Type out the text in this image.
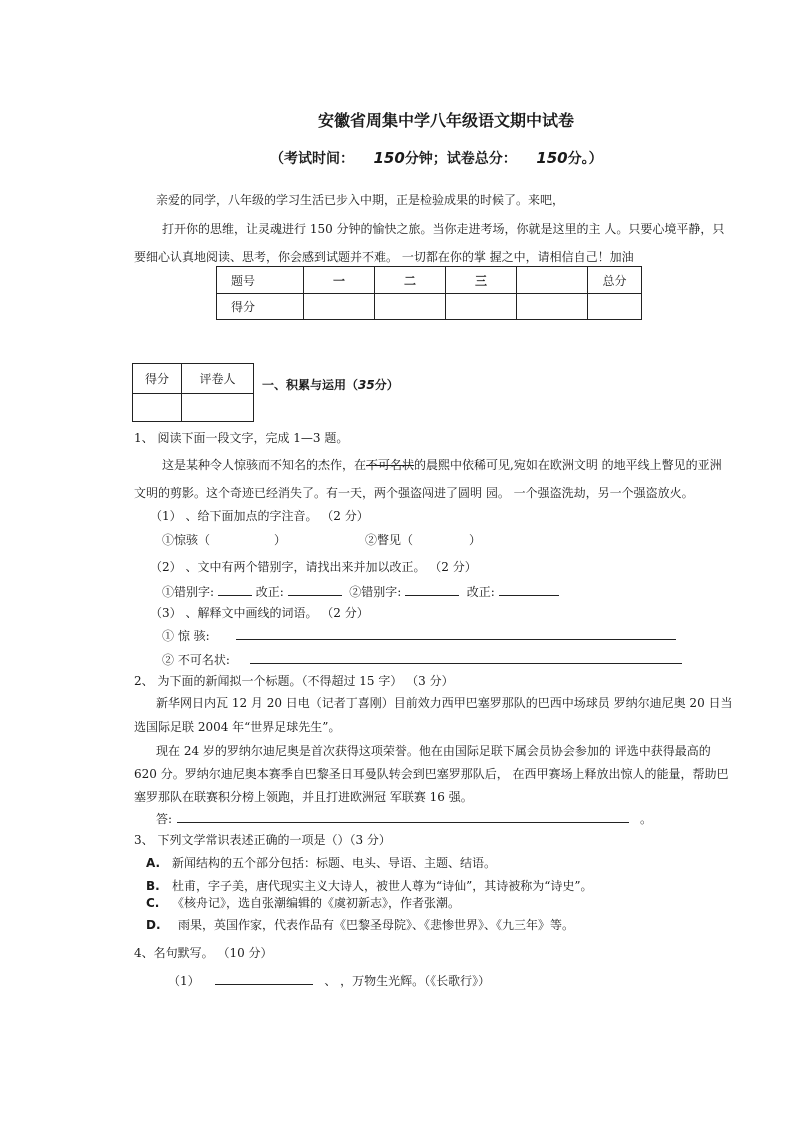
安徽省周集中学八年级语文期中试卷
（考试时间： 150分钟；试卷总分： 150分。）
亲爱的同学，八年级的学习生活已步入中期，正是检验成果的时候了。来吧，
打开你的思维，让灵魂进行 150 分钟的愉快之旅。当你走进考场，你就是这里的主 人。只要心境平静，只
要细心认真地阅读、思考，你会感到试题并不难。 一切都在你的掌 握之中，请相信自己！加油
题号	一	二	三		总分
得分					
得分	评卷人
	一、积累与运用（35分）
1、 阅读下面一段文字，完成 1—3 题。
这是某种令人惊骇而不知名的杰作，在不可名状的晨熙中依稀可见,宛如在欧洲文明 的地平线上瞥见的亚洲
文明的剪影。这个奇迹已经消失了。有一天，两个强盗闯进了圆明 园。 一个强盗洗劫，另一个强盗放火。
（1） 、给下面加点的字注音。 （2 分）
①惊骇（	）	②瞥见（	）
（2） 、文中有两个错别字，请找出来并加以改正。 （2 分）
①错别字:	改正:	②错别字:	改正:
（3） 、解释文中画线的词语。 （2 分）
① 惊 骇:
② 不可名状:
2、 为下面的新闻拟一个标题。（不得超过 15 字） （3 分）
新华网日内瓦 12 月 20 日电（记者丁喜刚）目前效力西甲巴塞罗那队的巴西中场球员 罗纳尔迪尼奥 20 日当
选国际足联 2004 年“世界足球先生”。
现在 24 岁的罗纳尔迪尼奥是首次获得这项荣誉。他在由国际足联下属会员协会参加的 评选中获得最高的
620 分。罗纳尔迪尼奥本赛季自巴黎圣日耳曼队转会到巴塞罗那队后， 在西甲赛场上释放出惊人的能量，帮助巴
塞罗那队在联赛积分榜上领跑，并且打进欧洲冠 军联赛 16 强。
答:	。
3、 下列文学常识表述正确的一项是（）（3 分）
A. 新闻结构的五个部分包括：标题、电头、导语、主题、结语。
B. 杜甫，字子美，唐代现实主义大诗人，被世人尊为“诗仙”，其诗被称为“诗史”。
C. 《核舟记》，选自张潮编辑的《虞初新志》，作者张潮。
D. 雨果，英国作家，代表作品有《巴黎圣母院》、《悲惨世界》、《九三年》等。
4、名句默写。 （10 分）
（1）	、 ，万物生光辉。（《长歌行》）
